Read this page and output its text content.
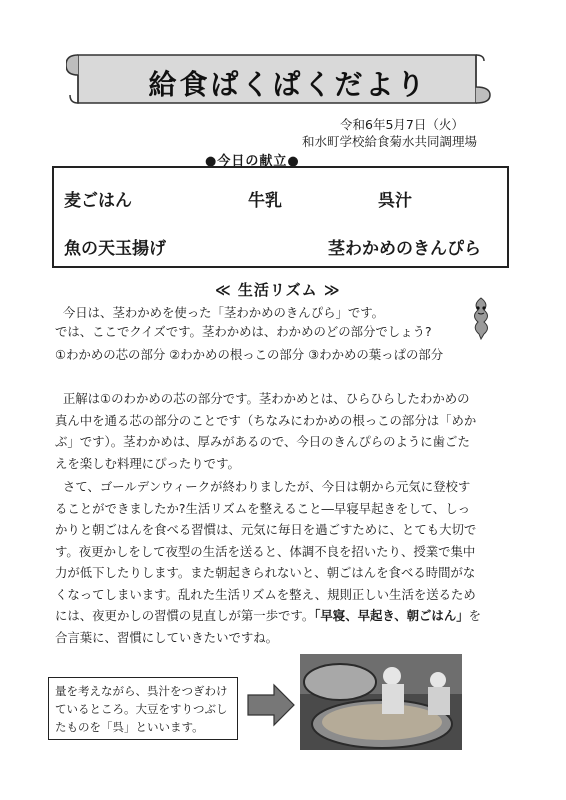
給食ぱくぱくだより
令和6年5月7日（火）
和水町学校給食菊水共同調理場
●今日の献立●
麦ごはん	牛乳	呉汁
魚の天玉揚げ	茎わかめのきんぴら
≪ 生活リズム ≫
今日は、茎わかめを使った「茎わかめのきんぴら」です。
では、ここでクイズです。茎わかめは、わかめのどの部分でしょう?
①わかめの芯の部分 ②わかめの根っこの部分 ③わかめの葉っぱの部分
正解は①のわかめの芯の部分です。茎わかめとは、ひらひらしたわかめの
真ん中を通る芯の部分のことです（ちなみにわかめの根っこの部分は「めか
ぶ」です）。茎わかめは、厚みがあるので、今日のきんぴらのように歯ごた
えを楽しむ料理にぴったりです。
さて、ゴールデンウィークが終わりましたが、今日は朝から元気に登校す
ることができましたか?生活リズムを整えること―早寝早起きをして、しっ
かりと朝ごはんを食べる習慣は、元気に毎日を過ごすために、とても大切で
す。夜更かしをして夜型の生活を送ると、体調不良を招いたり、授業で集中
力が低下したりします。また朝起きられないと、朝ごはんを食べる時間がな
くなってしまいます。乱れた生活リズムを整え、規則正しい生活を送るため
には、夜更かしの習慣の見直しが第一歩です。「早寝、早起き、朝ごはん」を
合言葉に、習慣にしていきたいですね。
量を考えながら、呉汁をつぎわけ
ているところ。大豆をすりつぶし
たものを「呉」といいます。
